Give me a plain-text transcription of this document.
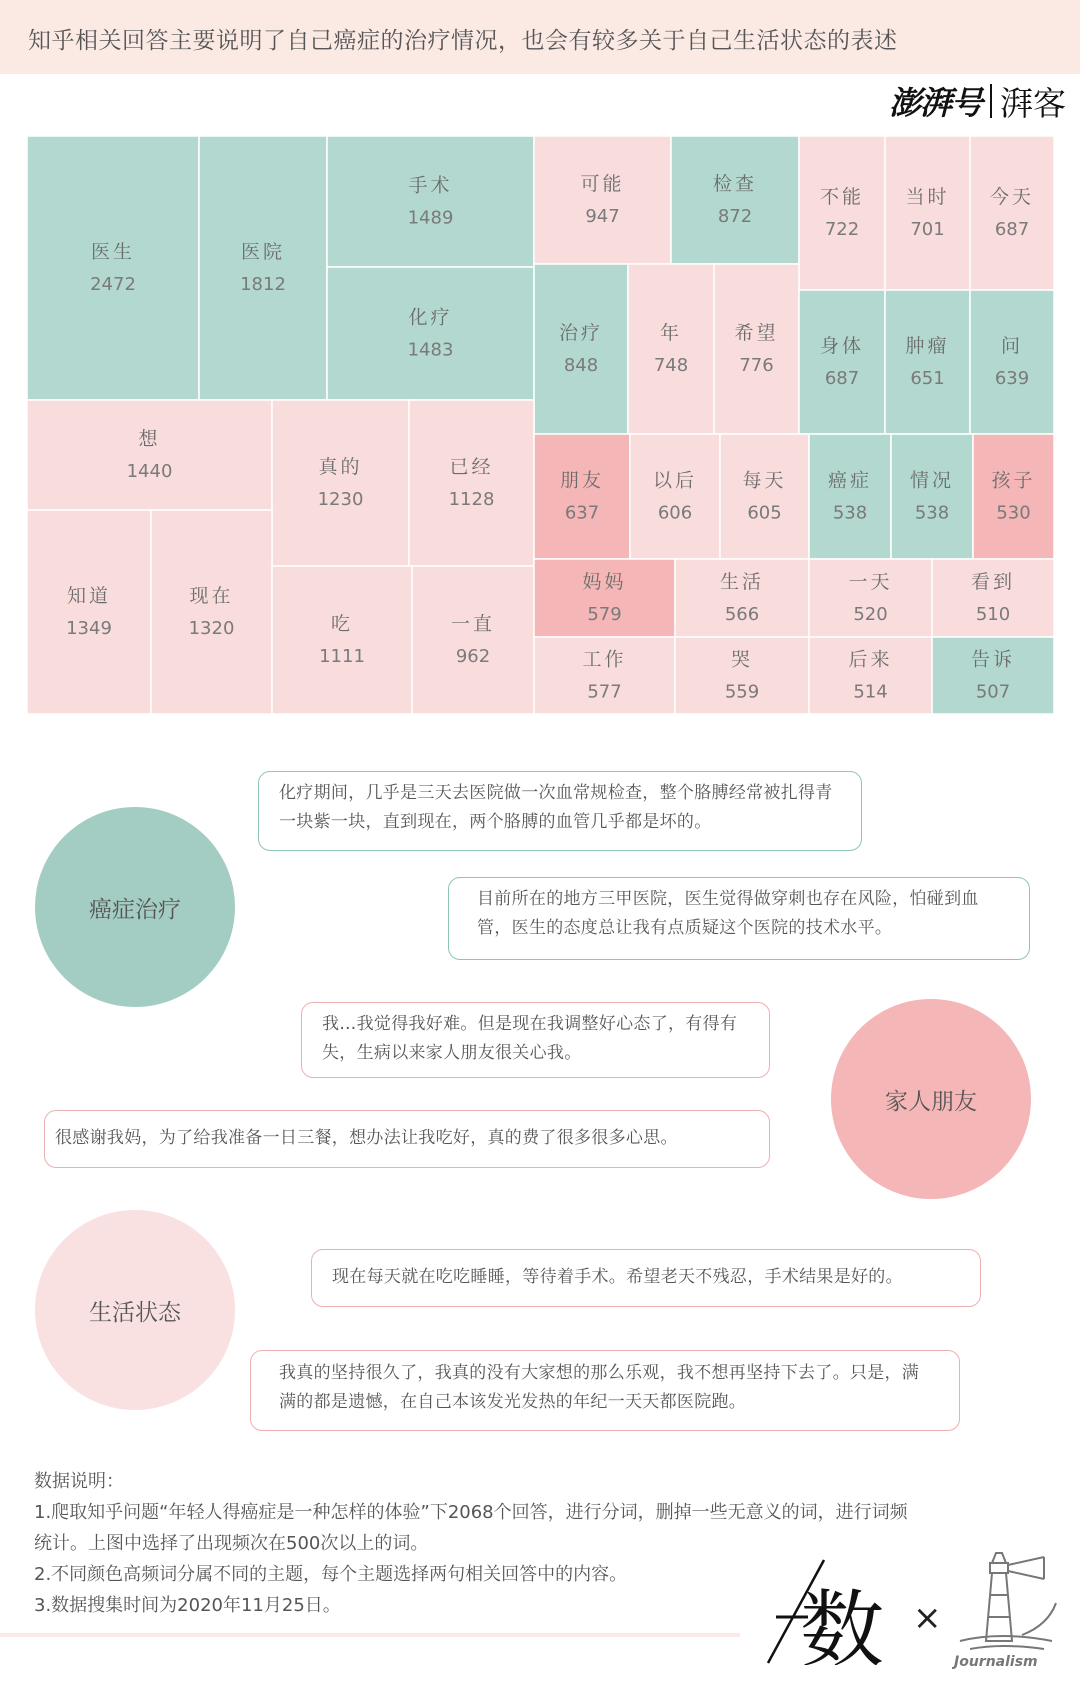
知乎相关回答主要说明了自己癌症的治疗情况，也会有较多关于自己生活状态的表述
澎湃号 湃客
医生
2472
医院
1812
手术
1489
化疗
1483
可能
947
检查
872
不能
722
当时
701
今天
687
治疗
848
年
748
希望
776
身体
687
肿瘤
651
问
639
想
1440	真的
1230
已经
1128
知道
1349
现在
1320	吃
1111
一直
962
朋友
637
以后
606
每天
605
癌症
538
情况
538
孩子
530
妈妈
579
生活
566
一天
520
看到
510
工作
577
哭
559
后来
514
告诉
507
癌症治疗
家人朋友
生活状态
化疗期间，几乎是三天去医院做一次血常规检查，整个胳膊经常被扎得青一块紫一块，直到现在，两个胳膊的血管几乎都是坏的。
目前所在的地方三甲医院，医生觉得做穿刺也存在风险，怕碰到血管，医生的态度总让我有点质疑这个医院的技术水平。
我…我觉得我好难。但是现在我调整好心态了，有得有失，生病以来家人朋友很关心我。
很感谢我妈，为了给我准备一日三餐，想办法让我吃好，真的费了很多很多心思。
现在每天就在吃吃睡睡，等待着手术。希望老天不残忍，手术结果是好的。
我真的坚持很久了，我真的没有大家想的那么乐观，我不想再坚持下去了。只是，满满的都是遗憾，在自己本该发光发热的年纪一天天都医院跑。
数据说明：
1.爬取知乎问题“年轻人得癌症是一种怎样的体验”下2068个回答，进行分词，删掉一些无意义的词，进行词频
统计。上图中选择了出现频次在500次以上的词。
2.不同颜色高频词分属不同的主题，每个主题选择两句相关回答中的内容。
3.数据搜集时间为2020年11月25日。	数 ×
Journalism
